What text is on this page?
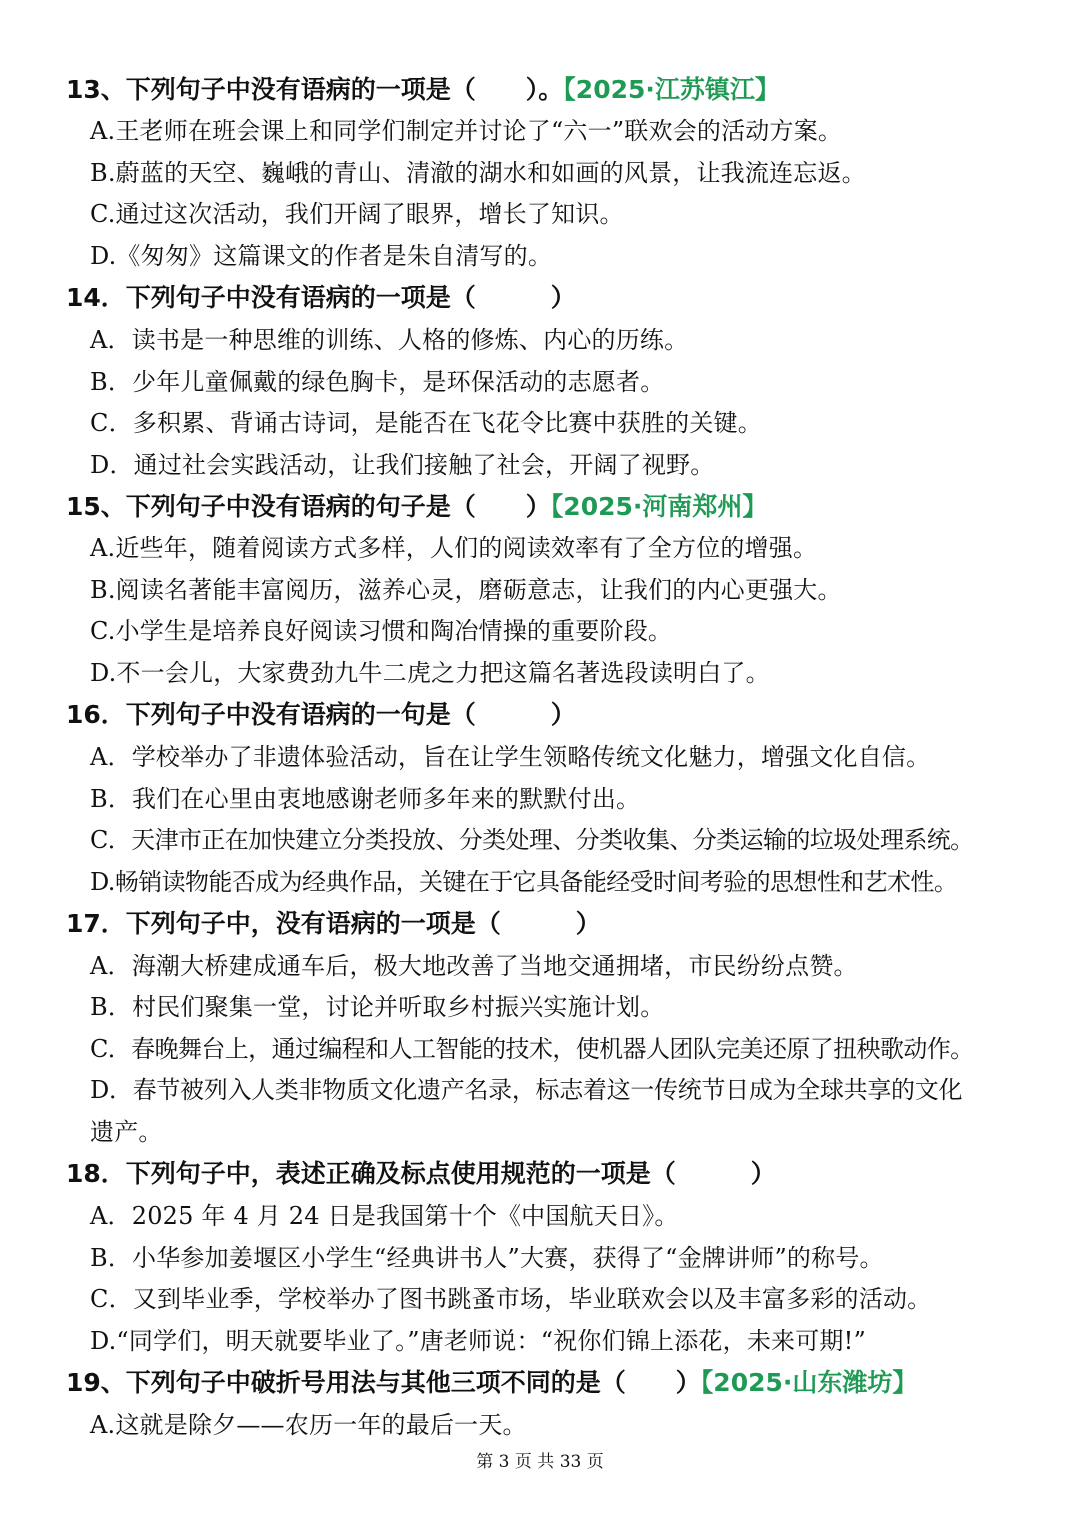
13、下列句子中没有语病的一项是（　　）。【2025·江苏镇江】
A.王老师在班会课上和同学们制定并讨论了“六一”联欢会的活动方案。
B.蔚蓝的天空、巍峨的青山、清澈的湖水和如画的风景，让我流连忘返。
C.通过这次活动，我们开阔了眼界，增长了知识。
D.《匆匆》这篇课文的作者是朱自清写的。
14．下列句子中没有语病的一项是（　　　）
A．读书是一种思维的训练、人格的修炼、内心的历练。
B．少年儿童佩戴的绿色胸卡，是环保活动的志愿者。
C．多积累、背诵古诗词，是能否在飞花令比赛中获胜的关键。
D．通过社会实践活动，让我们接触了社会，开阔了视野。
15、下列句子中没有语病的句子是（　　）【2025·河南郑州】
A.近些年，随着阅读方式多样，人们的阅读效率有了全方位的增强。
B.阅读名著能丰富阅历，滋养心灵，磨砺意志，让我们的内心更强大。
C.小学生是培养良好阅读习惯和陶冶情操的重要阶段。
D.不一会儿，大家费劲九牛二虎之力把这篇名著选段读明白了。
16．下列句子中没有语病的一句是（　　　）
A．学校举办了非遗体验活动，旨在让学生领略传统文化魅力，增强文化自信。
B．我们在心里由衷地感谢老师多年来的默默付出。
C．天津市正在加快建立分类投放、分类处理、分类收集、分类运输的垃圾处理系统。
D.畅销读物能否成为经典作品，关键在于它具备能经受时间考验的思想性和艺术性。
17．下列句子中，没有语病的一项是（　　　）
A．海潮大桥建成通车后，极大地改善了当地交通拥堵，市民纷纷点赞。
B．村民们聚集一堂，讨论并听取乡村振兴实施计划。
C．春晚舞台上，通过编程和人工智能的技术，使机器人团队完美还原了扭秧歌动作。
D．春节被列入人类非物质文化遗产名录，标志着这一传统节日成为全球共享的文化
遗产。
18．下列句子中，表述正确及标点使用规范的一项是（　　　）
A．2025 年 4 月 24 日是我国第十个《中国航天日》。
B．小华参加姜堰区小学生“经典讲书人”大赛，获得了“金牌讲师”的称号。
C．又到毕业季，学校举办了图书跳蚤市场，毕业联欢会以及丰富多彩的活动。
D.“同学们，明天就要毕业了。”唐老师说：“祝你们锦上添花，未来可期!”
19、下列句子中破折号用法与其他三项不同的是（　　）【2025·山东潍坊】
A.这就是除夕——农历一年的最后一天。
第 3 页 共 33 页
